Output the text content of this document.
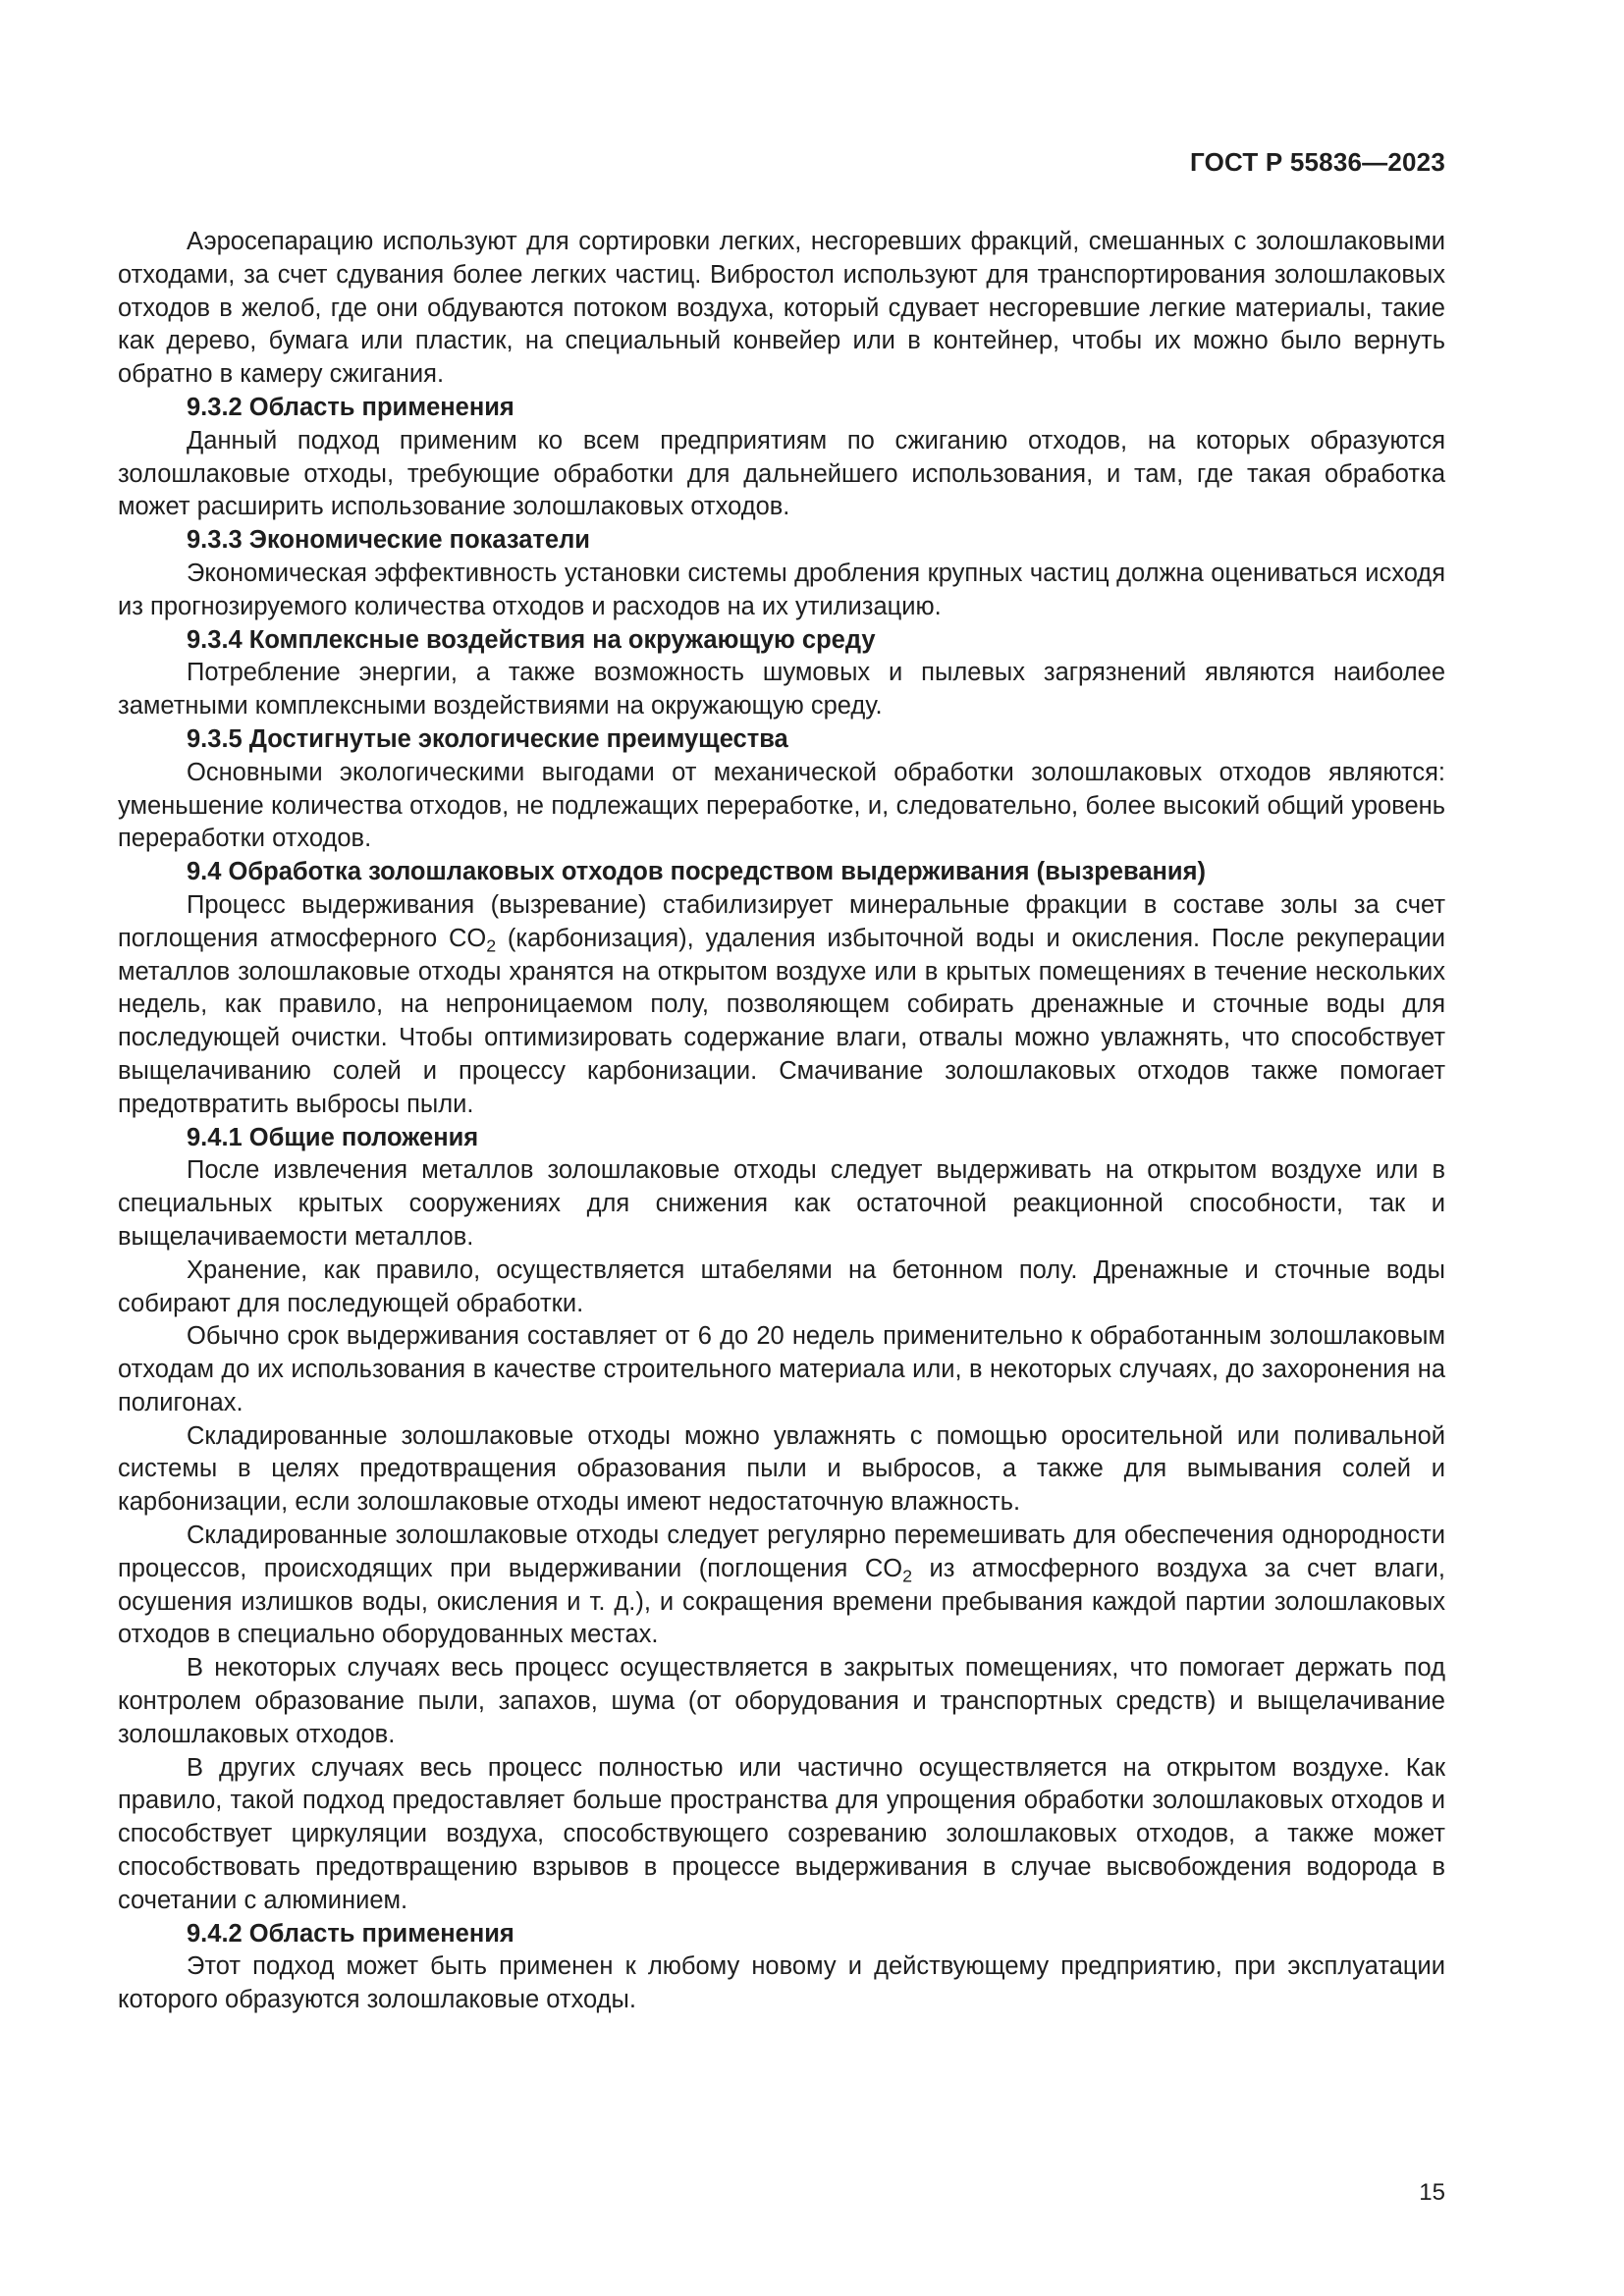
ГОСТ Р 55836—2023

Аэросепарацию используют для сортировки легких, несгоревших фракций, смешанных с золошлаковыми отходами, за счет сдувания более легких частиц. Вибростол используют для транспортирования золошлаковых отходов в желоб, где они обдуваются потоком воздуха, который сдувает несгоревшие легкие материалы, такие как дерево, бумага или пластик, на специальный конвейер или в контейнер, чтобы их можно было вернуть обратно в камеру сжигания.

9.3.2 Область применения

Данный подход применим ко всем предприятиям по сжиганию отходов, на которых образуются золошлаковые отходы, требующие обработки для дальнейшего использования, и там, где такая обработка может расширить использование золошлаковых отходов.

9.3.3 Экономические показатели

Экономическая эффективность установки системы дробления крупных частиц должна оцениваться исходя из прогнозируемого количества отходов и расходов на их утилизацию.

9.3.4 Комплексные воздействия на окружающую среду

Потребление энергии, а также возможность шумовых и пылевых загрязнений являются наиболее заметными комплексными воздействиями на окружающую среду.

9.3.5 Достигнутые экологические преимущества

Основными экологическими выгодами от механической обработки золошлаковых отходов являются: уменьшение количества отходов, не подлежащих переработке, и, следовательно, более высокий общий уровень переработки отходов.

9.4 Обработка золошлаковых отходов посредством выдерживания (вызревания)

Процесс выдерживания (вызревание) стабилизирует минеральные фракции в составе золы за счет поглощения атмосферного $CO_2$ (карбонизация), удаления избыточной воды и окисления. После рекуперации металлов золошлаковые отходы хранятся на открытом воздухе или в крытых помещениях в течение нескольких недель, как правило, на непроницаемом полу, позволяющем собирать дренажные и сточные воды для последующей очистки. Чтобы оптимизировать содержание влаги, отвалы можно увлажнять, что способствует выщелачиванию солей и процессу карбонизации. Смачивание золошлаковых отходов также помогает предотвратить выбросы пыли.

9.4.1 Общие положения

После извлечения металлов золошлаковые отходы следует выдерживать на открытом воздухе или в специальных крытых сооружениях для снижения как остаточной реакционной способности, так и выщелачиваемости металлов.

Хранение, как правило, осуществляется штабелями на бетонном полу. Дренажные и сточные воды собирают для последующей обработки.

Обычно срок выдерживания составляет от 6 до 20 недель применительно к обработанным золошлаковым отходам до их использования в качестве строительного материала или, в некоторых случаях, до захоронения на полигонах.

Складированные золошлаковые отходы можно увлажнять с помощью оросительной или поливальной системы в целях предотвращения образования пыли и выбросов, а также для вымывания солей и карбонизации, если золошлаковые отходы имеют недостаточную влажность.

Складированные золошлаковые отходы следует регулярно перемешивать для обеспечения однородности процессов, происходящих при выдерживании (поглощения $CO_2$ из атмосферного воздуха за счет влаги, осушения излишков воды, окисления и т. д.), и сокращения времени пребывания каждой партии золошлаковых отходов в специально оборудованных местах.

В некоторых случаях весь процесс осуществляется в закрытых помещениях, что помогает держать под контролем образование пыли, запахов, шума (от оборудования и транспортных средств) и выщелачивание золошлаковых отходов.

В других случаях весь процесс полностью или частично осуществляется на открытом воздухе. Как правило, такой подход предоставляет больше пространства для упрощения обработки золошлаковых отходов и способствует циркуляции воздуха, способствующего созреванию золошлаковых отходов, а также может способствовать предотвращению взрывов в процессе выдерживания в случае высвобождения водорода в сочетании с алюминием.

9.4.2 Область применения

Этот подход может быть применен к любому новому и действующему предприятию, при эксплуатации которого образуются золошлаковые отходы.

15
